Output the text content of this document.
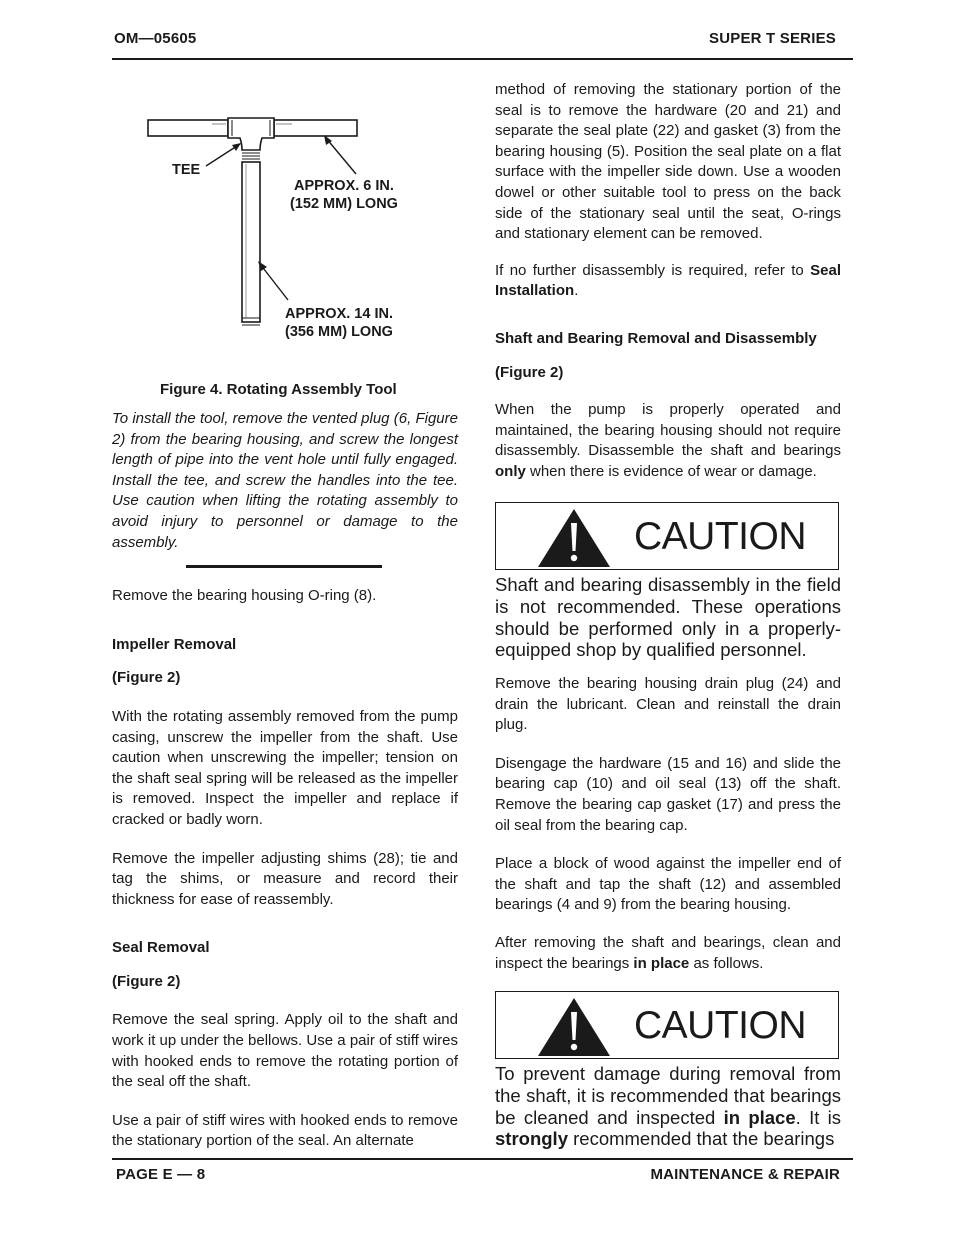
OM—05605	SUPER T SERIES
TEE
APPROX. 6 IN.
(152 MM) LONG
APPROX. 14 IN.
(356 MM) LONG
Figure 4. Rotating Assembly Tool

To install the tool, remove the vented plug (6, Figure 2) from the bearing housing, and screw the longest length of pipe into the vent hole until fully engaged. Install the tee, and screw the handles into the tee. Use caution when lifting the rotating assembly to avoid injury to personnel or damage to the assembly.

Remove the bearing housing O-ring (8).

Impeller Removal

(Figure 2)

With the rotating assembly removed from the pump casing, unscrew the impeller from the shaft. Use caution when unscrewing the impeller; tension on the shaft seal spring will be released as the impeller is removed. Inspect the impeller and replace if cracked or badly worn.

Remove the impeller adjusting shims (28); tie and tag the shims, or measure and record their thickness for ease of reassembly.

Seal Removal

(Figure 2)

Remove the seal spring. Apply oil to the shaft and work it up under the bellows. Use a pair of stiff wires with hooked ends to remove the rotating portion of the seal off the shaft.

Use a pair of stiff wires with hooked ends to remove the stationary portion of the seal. An alternate

method of removing the stationary portion of the seal is to remove the hardware (20 and 21) and separate the seal plate (22) and gasket (3) from the bearing housing (5). Position the seal plate on a flat surface with the impeller side down. Use a wooden dowel or other suitable tool to press on the back side of the stationary seal until the seat, O-rings and stationary element can be removed.

If no further disassembly is required, refer to Seal Installation.

Shaft and Bearing Removal and Disassembly

(Figure 2)

When the pump is properly operated and maintained, the bearing housing should not require disassembly. Disassemble the shaft and bearings only when there is evidence of wear or damage.

CAUTION
Shaft and bearing disassembly in the field is not recommended. These operations should be performed only in a properly-equipped shop by qualified personnel.

Remove the bearing housing drain plug (24) and drain the lubricant. Clean and reinstall the drain plug.

Disengage the hardware (15 and 16) and slide the bearing cap (10) and oil seal (13) off the shaft. Remove the bearing cap gasket (17) and press the oil seal from the bearing cap.

Place a block of wood against the impeller end of the shaft and tap the shaft (12) and assembled bearings (4 and 9) from the bearing housing.

After removing the shaft and bearings, clean and inspect the bearings in place as follows.

CAUTION
To prevent damage during removal from the shaft, it is recommended that bearings be cleaned and inspected in place. It is strongly recommended that the bearings
PAGE E — 8	MAINTENANCE & REPAIR
